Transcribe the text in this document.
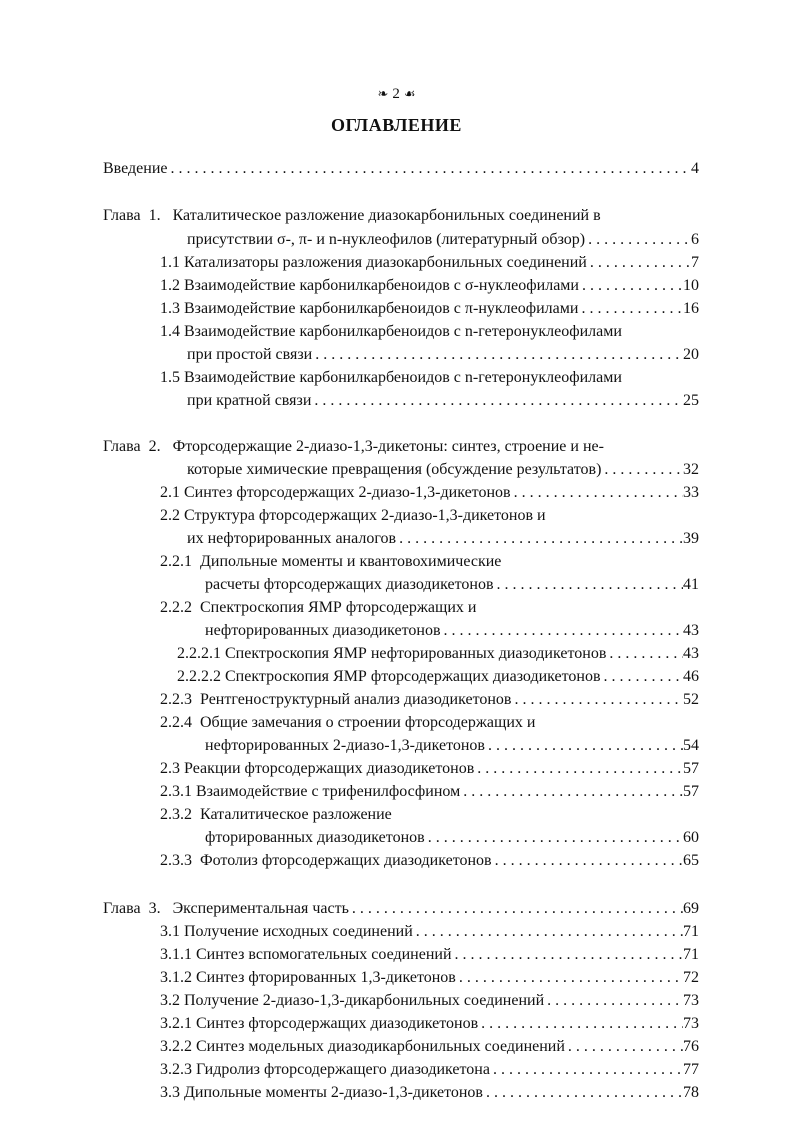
❧ 2 ☙
ОГЛАВЛЕНИЕ
Введение . . .	4
Глава  1.   Каталитическое разложение диазокарбонильных соединений в
присутствии σ-, π- и n-нуклеофилов (литературный обзор) . . .	6
1.1 Катализаторы разложения диазокарбонильных соединений . . .	7
1.2 Взаимодействие карбонилкарбеноидов с σ-нуклеофилами . . .	10
1.3 Взаимодействие карбонилкарбеноидов с π-нуклеофилами . . .	16
1.4 Взаимодействие карбонилкарбеноидов с n-гетеронуклеофилами
при простой связи . . .	20
1.5 Взаимодействие карбонилкарбеноидов с n-гетеронуклеофилами
при кратной связи . . .	25
Глава  2.   Фторсодержащие 2-диазо-1,3-дикетоны: синтез, строение и не-
которые химические превращения (обсуждение результатов) . . .	32
2.1 Синтез фторсодержащих 2-диазо-1,3-дикетонов . . .	33
2.2 Структура фторсодержащих 2-диазо-1,3-дикетонов и
их нефторированных аналогов . . .	39
2.2.1  Дипольные моменты и квантовохимические
расчеты фторсодержащих диазодикетонов . . .	41
2.2.2  Спектроскопия ЯМР фторсодержащих и
нефторированных диазодикетонов . . .	43
2.2.2.1 Спектроскопия ЯМР нефторированных диазодикетонов . . .	43
2.2.2.2 Спектроскопия ЯМР фторсодержащих диазодикетонов . . .	46
2.2.3  Рентгеноструктурный анализ диазодикетонов . . .	52
2.2.4  Общие замечания о строении фторсодержащих и
нефторированных 2-диазо-1,3-дикетонов . . .	54
2.3 Реакции фторсодержащих диазодикетонов . . .	57
2.3.1 Взаимодействие с трифенилфосфином . . .	57
2.3.2  Каталитическое разложение
фторированных диазодикетонов . . .	60
2.3.3  Фотолиз фторсодержащих диазодикетонов . . .	65
Глава  3.   Экспериментальная часть . . .	69
3.1 Получение исходных соединений . . .	71
3.1.1 Синтез вспомогательных соединений . . .	71
3.1.2 Синтез фторированных 1,3-дикетонов . . .	72
3.2 Получение 2-диазо-1,3-дикарбонильных соединений . . .	73
3.2.1 Синтез фторсодержащих диазодикетонов . . .	73
3.2.2 Синтез модельных диазодикарбонильных соединений . . .	76
3.2.3 Гидролиз фторсодержащего диазодикетона . . .	77
3.3 Дипольные моменты 2-диазо-1,3-дикетонов . . .	78
